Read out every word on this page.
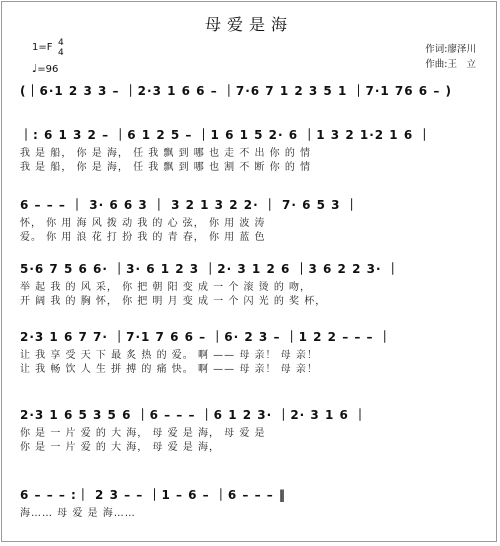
母爱是海
1=F 4
4
♩=96
作词:廖泽川
作曲:王　立
(｜6·1 2 3 3 – ｜2·3 1 6 6 – ｜7·6 7 1 2 3 5 1 ｜7·1 76 6 – )
｜: 6 1 3 2 – ｜6 1 2 5 – ｜1 6 1 5 2· 6 ｜1 3 2 1·2 1 6 ｜
我 是 船， 你 是 海， 任 我 飘 到 哪 也 走 不 出 你 的 情
我 是 船， 你 是 海， 任 我 飘 到 哪 也 割 不 断 你 的 情
6 – – – ｜ 3· 6 6 3 ｜ 3 2 1 3 2 2· ｜ 7· 6 5 3 ｜
怀， 你 用 海 风 拨 动 我 的 心 弦， 你 用 波 涛
爱。 你 用 浪 花 打 扮 我 的 青 春， 你 用 蓝 色
5·6 7 5 6 6· ｜3· 6 1 2 3 ｜2· 3 1 2 6 ｜3 6 2 2 3· ｜
举 起 我 的 风 采， 你 把 朝 阳 变 成 一 个 滚 烫 的 吻，
开 阔 我 的 胸 怀， 你 把 明 月 变 成 一 个 闪 光 的 奖 杯，
2·3 1 6 7 7· ｜7·1 7 6 6 – ｜6· 2 3 – ｜1 2 2 – – – ｜
让 我 享 受 天 下 最 炙 热 的 爱。 啊 —— 母 亲！ 母 亲！
让 我 畅 饮 人 生 拼 搏 的 痛 快。 啊 —— 母 亲！ 母 亲！
2·3 1 6 5 3 5 6 ｜6 – – – ｜6 1 2 3· ｜2· 3 1 6 ｜
你 是 一 片 爱 的 大 海， 母 爱 是 海， 母 爱 是
你 是 一 片 爱 的 大 海， 母 爱 是 海，
6 – – – :｜ 2 3 – – ｜1 – 6 – ｜6 – – – ‖
海…… 母 爱 是 海……
